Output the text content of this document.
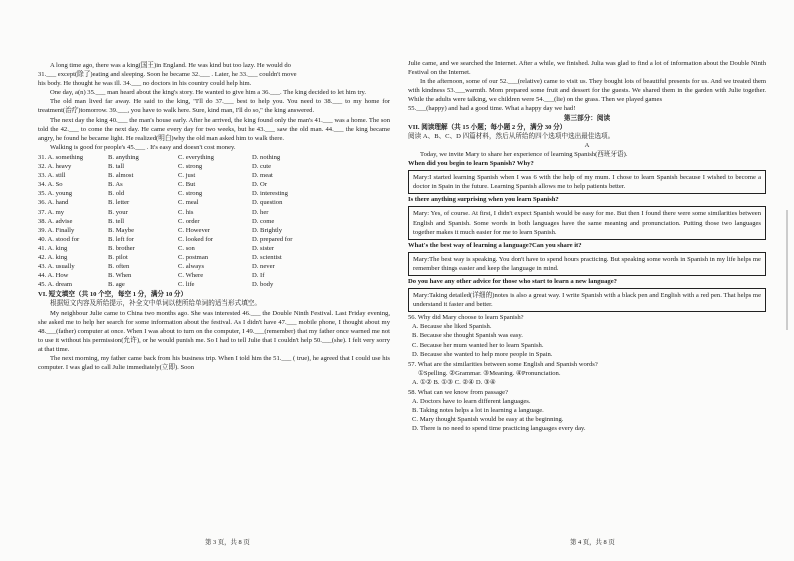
A long time ago, there was a king(国王)in England. He was kind but too lazy. He would do

31.___ except(除了)eating and sleeping. Soon he became 32.___ . Later, he 33.___ couldn't move

his body. He thought he was ill. 34.___ no doctors in his country could help him.

One day, a(n) 35.___ man heard about the king's story. He wanted to give him a 36.___. The king decided to let him try.

The old man lived far away. He said to the king, "I'll do 37.___ best to help you. You need to 38.___ to my home for treatment(治疗)tomorrow. 39.___, you have to walk here. Sure, kind man, I'll do so," the king answered.

The next day the king 40.___ the man's house early. After he arrived, the king found only the man's 41.___ was a home. The son told the 42.___ to come the next day. He came every day for two weeks, but he 43.___ saw the old man. 44.___ the king became angry, he found he became light. He realized(明白)why the old man asked him to walk there.

Walking is good for people's 45.___ . It's easy and doesn't cost money.

31. A. something	B. anything	C. everything	D. nothing
32. A. heavy	B. tall	C. strong	D. cute
33. A. still	B. almost	C. just	D. meat
34. A. So	B. As	C. But	D. Or
35. A. young	B. old	C. strong	D. interesting
36. A. hand	B. letter	C. meal	D. question
37. A. my	B. your	C. his	D. her
38. A. advise	B. tell	C. order	D. come
39. A. Finally	B. Maybe	C. However	D. Brightly
40. A. stood for	B. left for	C. looked for	D. prepared for
41. A. king	B. brother	C. son	D. sister
42. A. king	B. pilot	C. postman	D. scientist
43. A. usually	B. often	C. always	D. never
44. A. How	B. When	C. Where	D. If
45. A. dream	B. age	C. life	D. body

VI. 短文填空（共 10 个空，每空 1 分，满分 10 分）

根据短文内容及所给提示，补全文中单词以使所给单词的适当形式填空。

My neighbour Julie came to China two months ago. She was interested 46.___ the Double Ninth Festival. Last Friday evening, she asked me to help her search for some information about the festival. As I didn't have 47.___ mobile phone, I thought about my 48.___(father) computer at once. When I was about to turn on the computer, I 49.___(remember) that my father once warned me not to use it without his permission(允许), or he would punish me. So I had to tell Julie that I couldn't help 50.___(she). I felt very sorry at that time.

The next morning, my father came back from his business trip. When I told him the 51.___ ( true), he agreed that I could use his computer. I was glad to call Julie immediately(立即). Soon

第 3 页，共 8 页

Julie came, and we searched the Internet. After a while, we finished. Julia was glad to find a lot of information about the Double Ninth Festival on the Internet.

In the afternoon, some of our 52.___(relative) came to visit us. They bought lots of beautiful presents for us. And we treated them with kindness 53.___warmth. Mom prepared some fruit and dessert for the guests. We shared them in the garden with Julie together. While the adults were talking, we children were 54.___(lie) on the grass. Then we played games

55.___(happy) and had a good time. What a happy day we had!

第三部分：阅读

VII. 阅读理解（共 15 小题；每小题 2 分，满分 30 分）

阅读 A、B、C、D 四篇材料，然后从所给的四个选项中选出最佳选项。

A

Today, we invite Mary to share her experience of learning Spanish(西班牙语).

When did you begin to learn Spanish? Why?

Mary:I started learning Spanish when I was 6 with the help of my mum. I chose to learn Spanish because I wished to become a doctor in Spain in the future. Learning Spanish allows me to help patients better.

Is there anything surprising when you learn Spanish?

Mary: Yes, of course. At first, I didn't expect Spanish would be easy for me. But then I found there were some similarities between English and Spanish. Some words in both languages have the same meaning and pronunciation. Putting those two languages together makes it much easier for me to learn Spanish.

What's the best way of learning a language?Can you share it?

Mary:The best way is speaking. You don't have to spend hours practicing. But speaking some words in Spanish in my life helps me remember things easier and keep the language in mind.

Do you have any other advice for those who start to learn a new language?

Mary:Taking detailed(详细的)notes is also a great way. I write Spanish with a black pen and English with a red pen. That helps me understand it faster and better.

56. Why did Mary choose to learn Spanish?

A. Because she liked Spanish.

B. Because she thought Spanish was easy.

C. Because her mum wanted her to learn Spanish.

D. Because she wanted to help more people in Spain.

57. What are the similarities between some English and Spanish words?

①Spelling. ②Grammar. ③Meaning. ④Pronunciation.

A. ①② B. ①③ C. ②④ D. ③④

58. What can we know from passage?

A. Doctors have to learn different languages.

B. Taking notes helps a lot in learning a language.

C. Mary thought Spanish would be easy at the beginning.

D. There is no need to spend time practicing languages every day.

第 4 页，共 8 页
